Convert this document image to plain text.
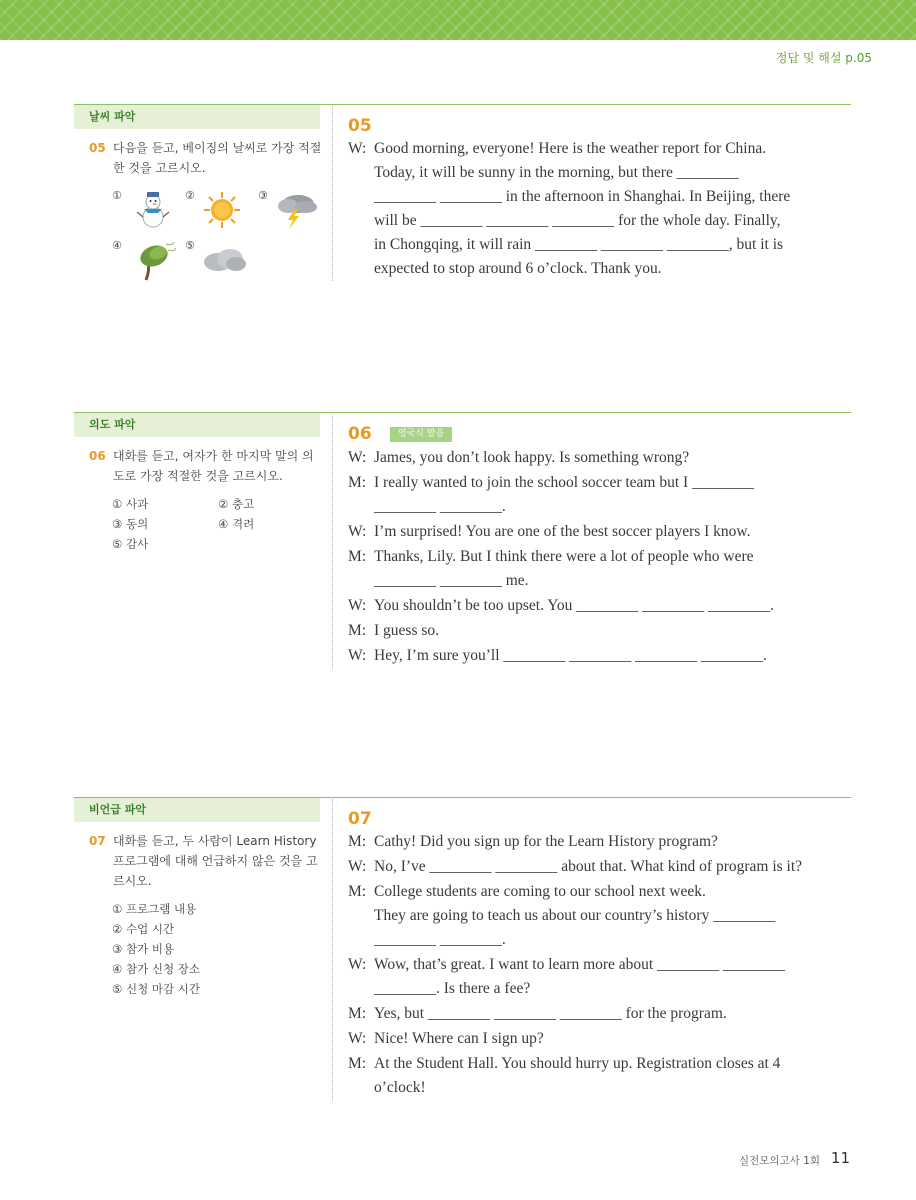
정답 및 해설 p.05
날씨 파악
05 다음을 듣고, 베이징의 날씨로 가장 적절한 것을 고르시오.
①	②	③
④	⑤
05
W: Good morning, everyone! Here is the weather report for China.
Today, it will be sunny in the morning, but there ________
________ ________ in the afternoon in Shanghai. In Beijing, there
will be ________ ________ ________ for the whole day. Finally,
in Chongqing, it will rain ________ ________ ________, but it is
expected to stop around 6 o’clock. Thank you.
의도 파악
06 대화를 듣고, 여자가 한 마지막 말의 의도로 가장 적절한 것을 고르시오.
① 사과	② 충고
③ 동의	④ 격려
⑤ 감사
06	영국식 발음
W: James, you don’t look happy. Is something wrong?
M: I really wanted to join the school soccer team but I ________
________ ________.
W: I’m surprised! You are one of the best soccer players I know.
M: Thanks, Lily. But I think there were a lot of people who were
________ ________ me.
W: You shouldn’t be too upset. You ________ ________ ________.
M: I guess so.
W: Hey, I’m sure you’ll ________ ________ ________ ________.
비언급 파악
07 대화를 듣고, 두 사람이 Learn History 프로그램에 대해 언급하지 않은 것을 고르시오.
① 프로그램 내용
② 수업 시간
③ 참가 비용
④ 참가 신청 장소
⑤ 신청 마감 시간
07
M: Cathy! Did you sign up for the Learn History program?
W: No, I’ve ________ ________ about that. What kind of program is it?
M: College students are coming to our school next week.
They are going to teach us about our country’s history ________
________ ________.
W: Wow, that’s great. I want to learn more about ________ ________
________. Is there a fee?
M: Yes, but ________ ________ ________ for the program.
W: Nice! Where can I sign up?
M: At the Student Hall. You should hurry up. Registration closes at 4
o’clock!
실전모의고사 1회 11
